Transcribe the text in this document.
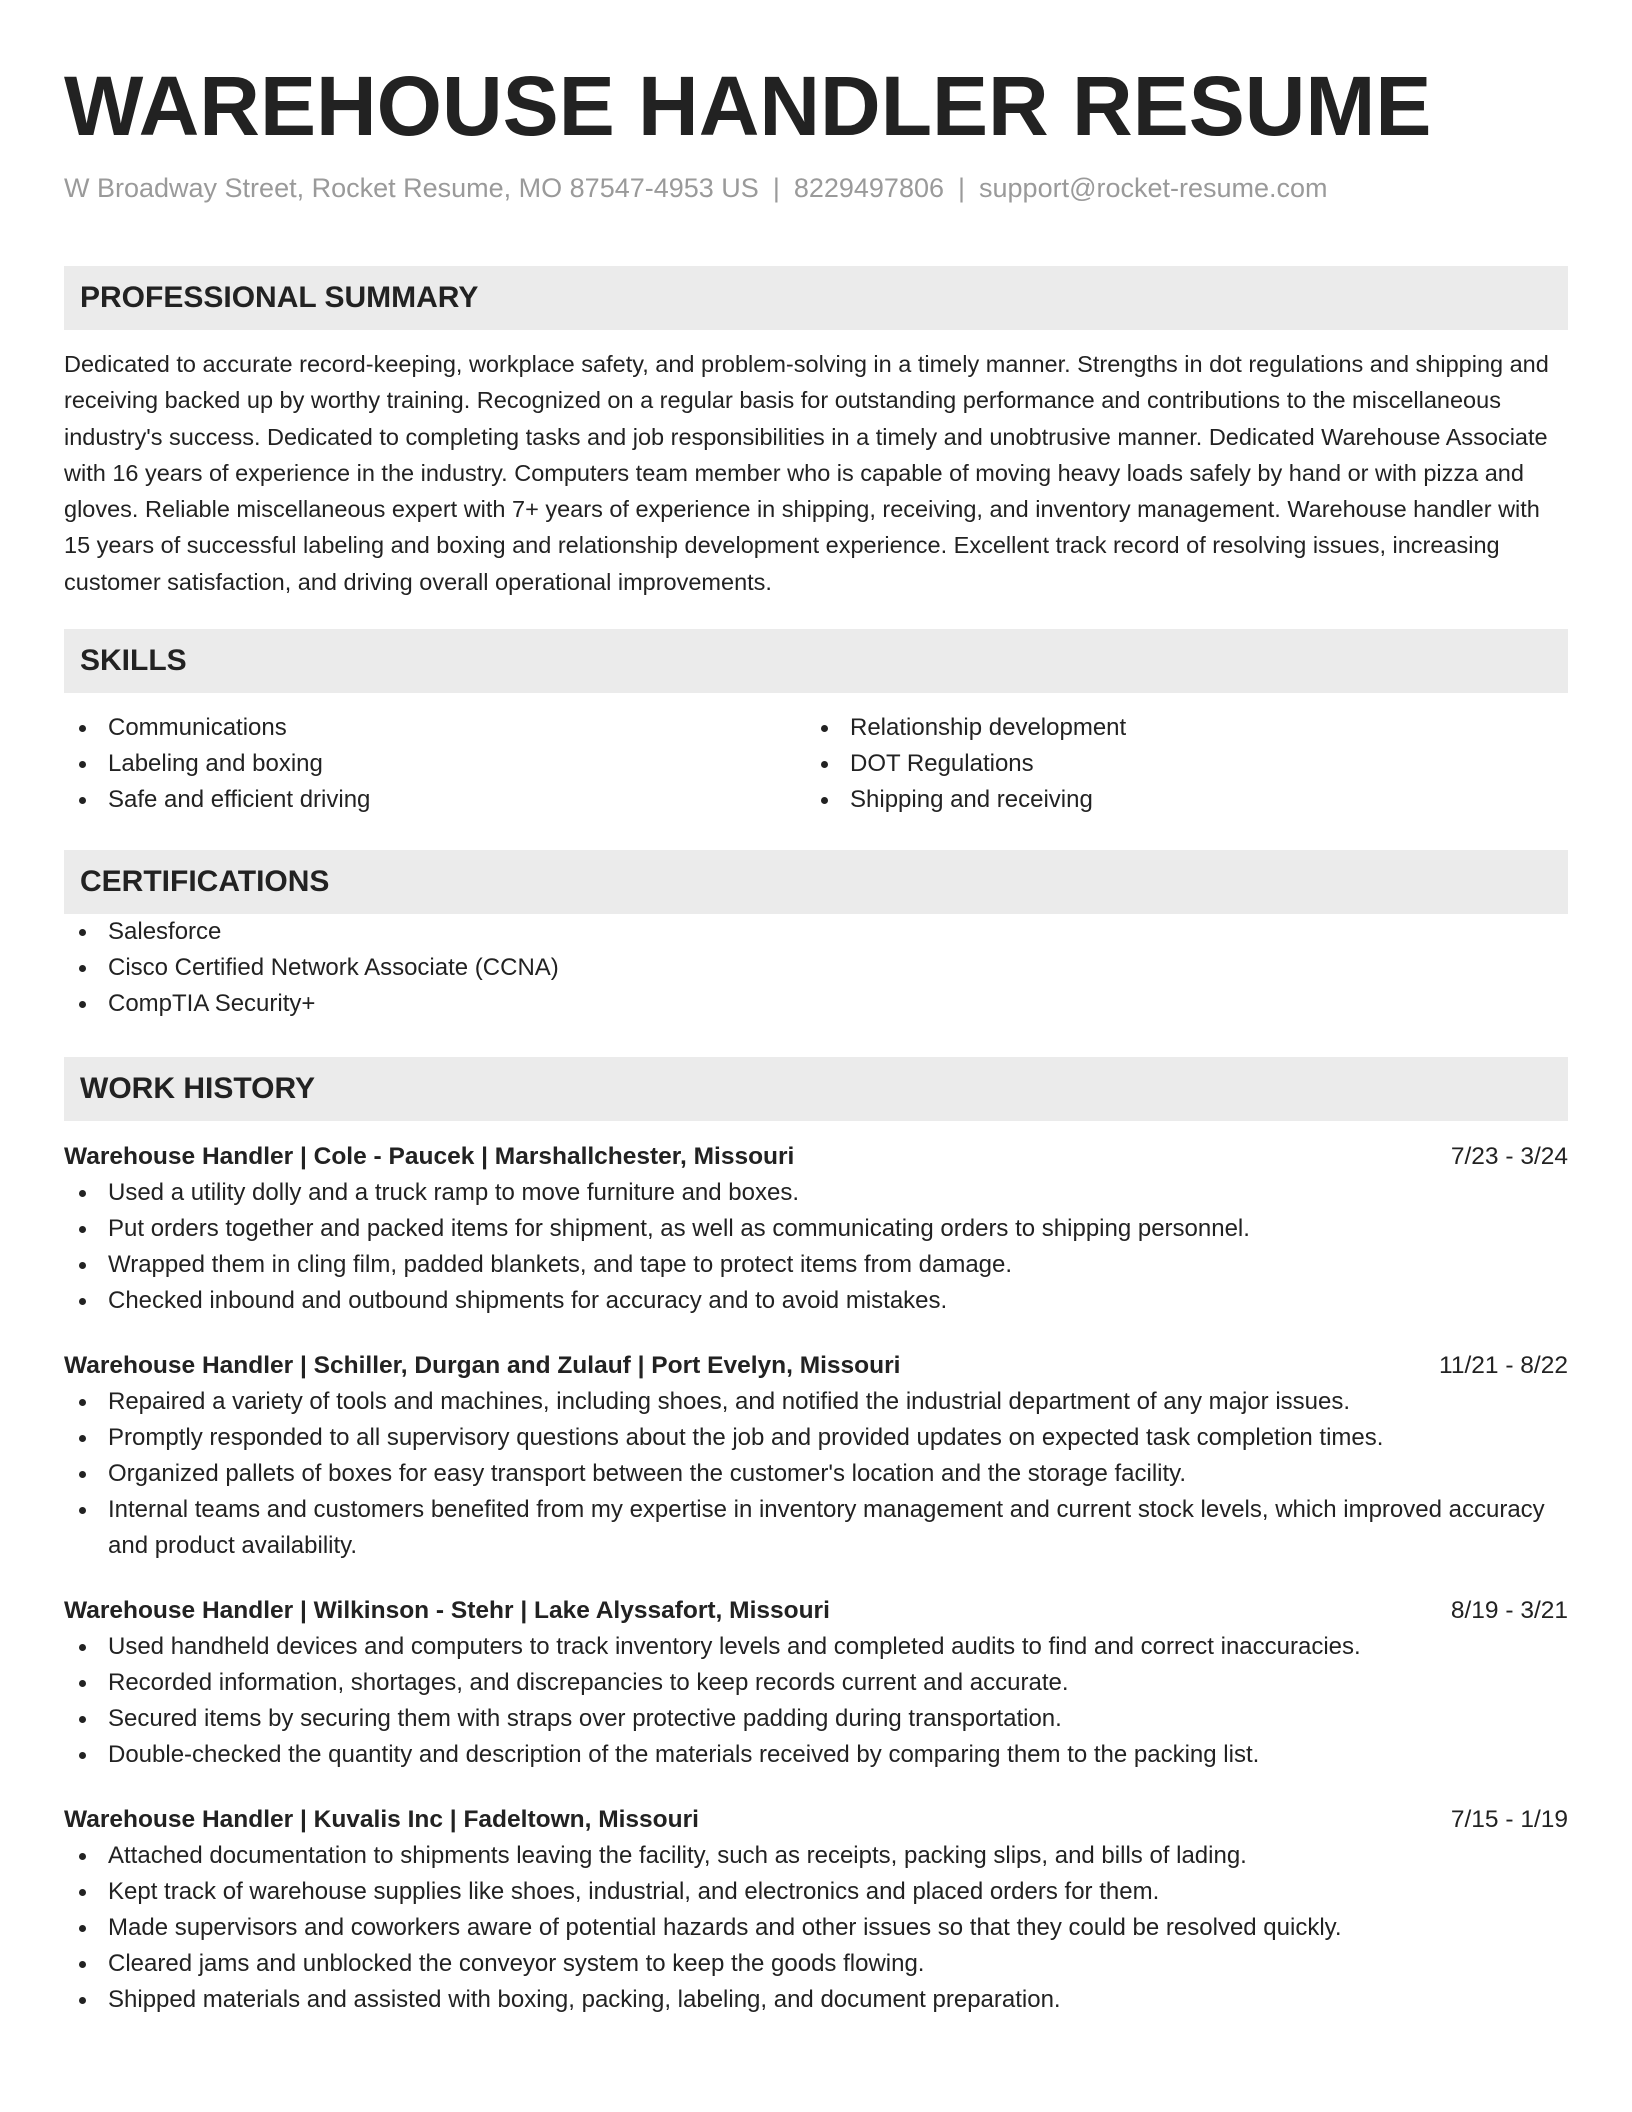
WAREHOUSE HANDLER RESUME
W Broadway Street, Rocket Resume, MO 87547-4953 US | 8229497806 | support@rocket-resume.com
PROFESSIONAL SUMMARY
Dedicated to accurate record-keeping, workplace safety, and problem-solving in a timely manner. Strengths in dot regulations and shipping and receiving backed up by worthy training. Recognized on a regular basis for outstanding performance and contributions to the miscellaneous industry's success. Dedicated to completing tasks and job responsibilities in a timely and unobtrusive manner. Dedicated Warehouse Associate with 16 years of experience in the industry. Computers team member who is capable of moving heavy loads safely by hand or with pizza and gloves. Reliable miscellaneous expert with 7+ years of experience in shipping, receiving, and inventory management. Warehouse handler with 15 years of successful labeling and boxing and relationship development experience. Excellent track record of resolving issues, increasing customer satisfaction, and driving overall operational improvements.
SKILLS
Communications
Labeling and boxing
Safe and efficient driving
Relationship development
DOT Regulations
Shipping and receiving
CERTIFICATIONS
Salesforce
Cisco Certified Network Associate (CCNA)
CompTIA Security+
WORK HISTORY
Warehouse Handler | Cole - Paucek | Marshallchester, Missouri	7/23 - 3/24
Used a utility dolly and a truck ramp to move furniture and boxes.
Put orders together and packed items for shipment, as well as communicating orders to shipping personnel.
Wrapped them in cling film, padded blankets, and tape to protect items from damage.
Checked inbound and outbound shipments for accuracy and to avoid mistakes.
Warehouse Handler | Schiller, Durgan and Zulauf | Port Evelyn, Missouri	11/21 - 8/22
Repaired a variety of tools and machines, including shoes, and notified the industrial department of any major issues.
Promptly responded to all supervisory questions about the job and provided updates on expected task completion times.
Organized pallets of boxes for easy transport between the customer's location and the storage facility.
Internal teams and customers benefited from my expertise in inventory management and current stock levels, which improved accuracy and product availability.
Warehouse Handler | Wilkinson - Stehr | Lake Alyssafort, Missouri	8/19 - 3/21
Used handheld devices and computers to track inventory levels and completed audits to find and correct inaccuracies.
Recorded information, shortages, and discrepancies to keep records current and accurate.
Secured items by securing them with straps over protective padding during transportation.
Double-checked the quantity and description of the materials received by comparing them to the packing list.
Warehouse Handler | Kuvalis Inc | Fadeltown, Missouri	7/15 - 1/19
Attached documentation to shipments leaving the facility, such as receipts, packing slips, and bills of lading.
Kept track of warehouse supplies like shoes, industrial, and electronics and placed orders for them.
Made supervisors and coworkers aware of potential hazards and other issues so that they could be resolved quickly.
Cleared jams and unblocked the conveyor system to keep the goods flowing.
Shipped materials and assisted with boxing, packing, labeling, and document preparation.
